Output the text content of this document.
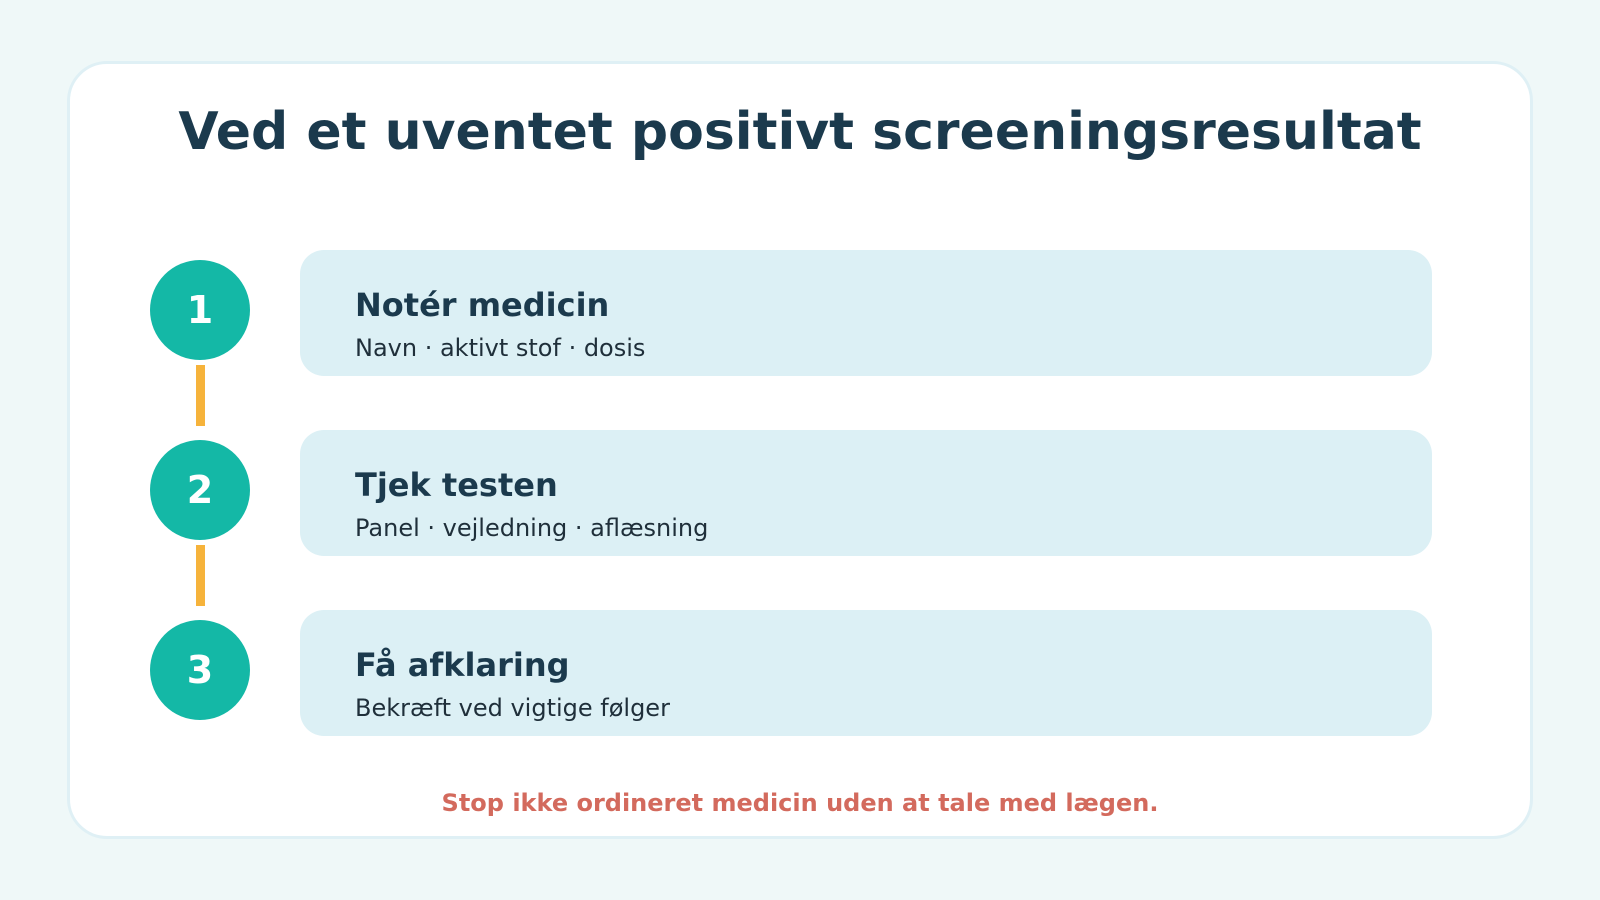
Ved et uventet positivt screeningsresultat
1
2
3
Notér medicin
Navn · aktivt stof · dosis
Tjek testen
Panel · vejledning · aflæsning
Få afklaring
Bekræft ved vigtige følger
Stop ikke ordineret medicin uden at tale med lægen.
